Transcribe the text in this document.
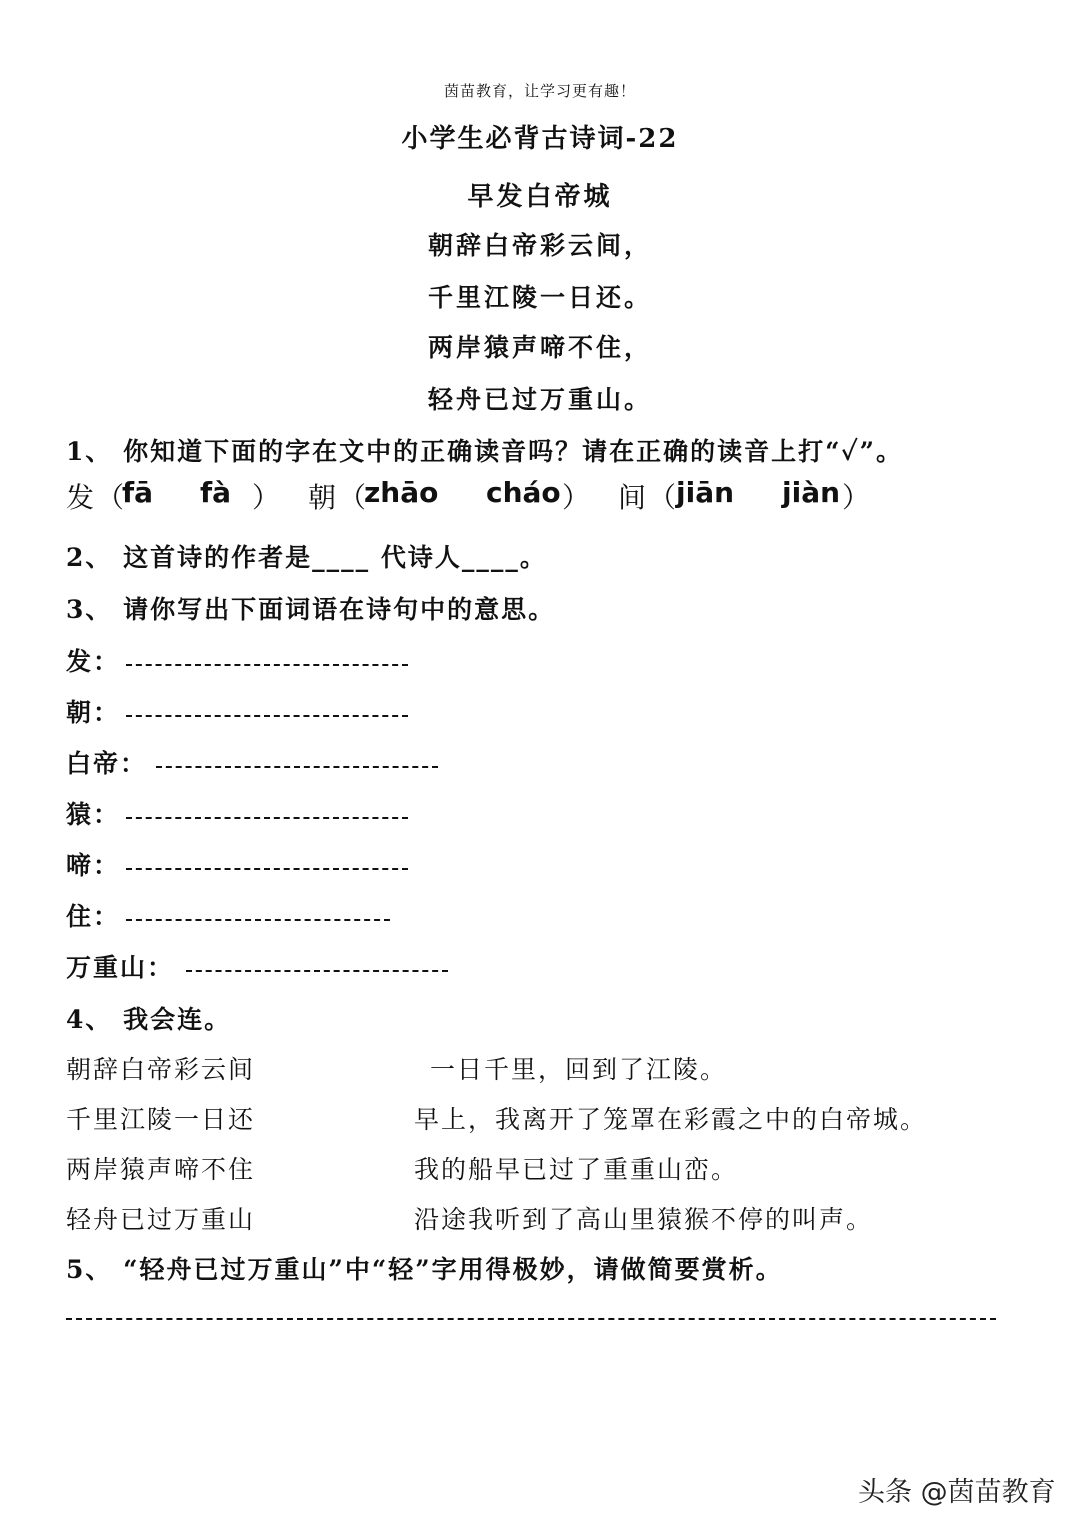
茵苗教育，让学习更有趣！
小学生必背古诗词-22
早发白帝城
朝辞白帝彩云间，
千里江陵一日还。
两岸猿声啼不住，
轻舟已过万重山。
1、 你知道下面的字在文中的正确读音吗？请在正确的读音上打“✓”。
发 （
fā fà ） 朝 （
zhāo cháo ） 间 （ jiān jiàn ）
2、 这首诗的作者是____ 代诗人____。
3、 请你写出下面词语在诗句中的意思。
发：
朝：
白帝：
猿：
啼：
住：
万重山：
4、 我会连。
朝辞白帝彩云间	一日千里，回到了江陵。
千里江陵一日还	早上，我离开了笼罩在彩霞之中的白帝城。
两岸猿声啼不住	我的船早已过了重重山峦。
轻舟已过万重山	沿途我听到了高山里猿猴不停的叫声。
5、 “轻舟已过万重山”中“轻”字用得极妙，请做简要赏析。
头条 @茵苗教育
